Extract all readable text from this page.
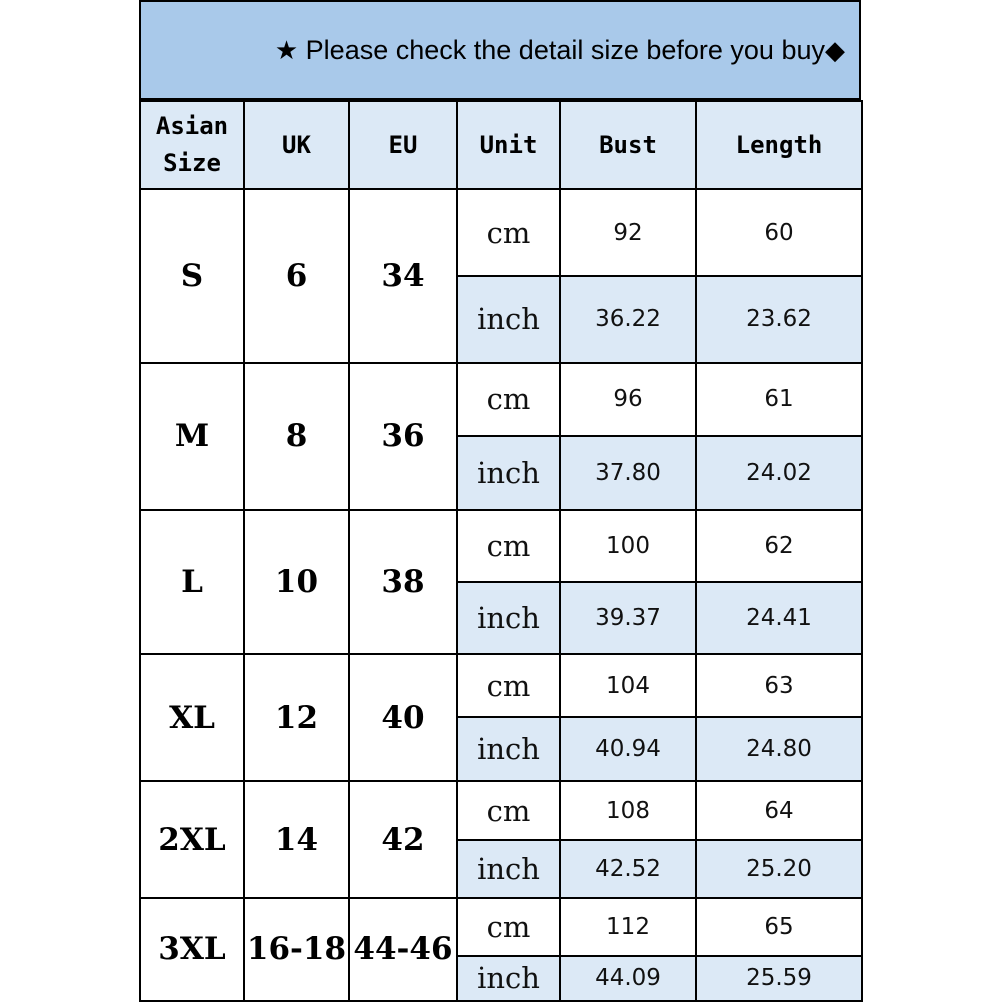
★ Please check the detail size before you buy ◆
Asian
Size	UK	EU	Unit	Bust	Length
S	6	34	cm	92	60
			inch	36.22	23.62
M	8	36	cm	96	61
			inch	37.80	24.02
L	10	38	cm	100	62
			inch	39.37	24.41
XL	12	40	cm	104	63
			inch	40.94	24.80
2XL	14	42	cm	108	64
			inch	42.52	25.20
3XL	16-18	44-46	cm	112	65
			inch	44.09	25.59
